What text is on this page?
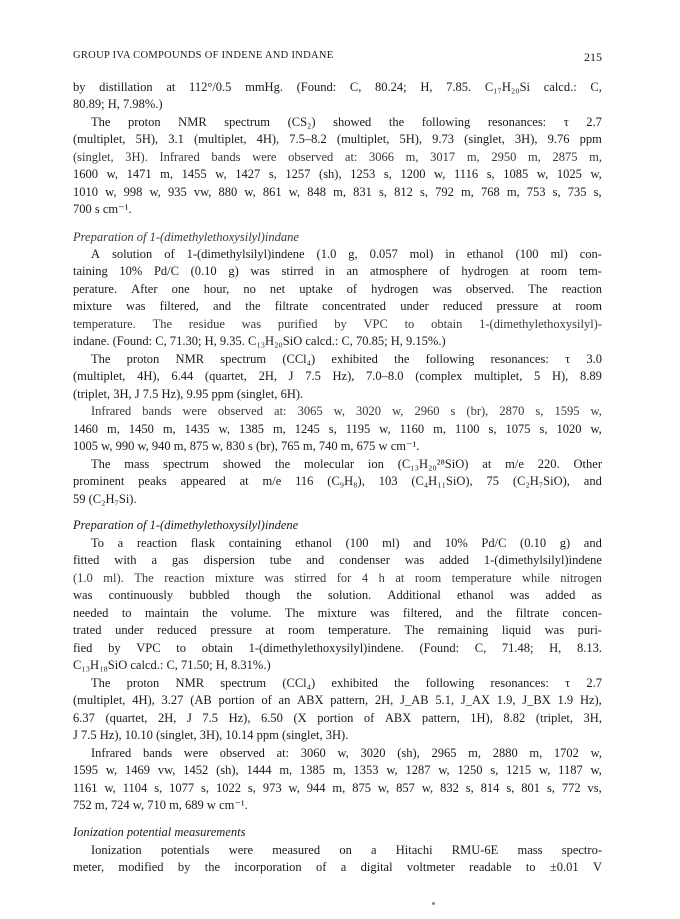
GROUP IVA COMPOUNDS OF INDENE AND INDANE	215
by distillation at 112°/0.5 mmHg. (Found: C, 80.24; H, 7.85. C₁₇H₂₀Si calcd.: C,
80.89; H, 7.98%.)
The proton NMR spectrum (CS₂) showed the following resonances: τ 2.7
(multiplet, 5H), 3.1 (multiplet, 4H), 7.5–8.2 (multiplet, 5H), 9.73 (singlet, 3H), 9.76 ppm
(singlet, 3H). Infrared bands were observed at: 3066 m, 3017 m, 2950 m, 2875 m,
1600 w, 1471 m, 1455 w, 1427 s, 1257 (sh), 1253 s, 1200 w, 1116 s, 1085 w, 1025 w,
1010 w, 998 w, 935 vw, 880 w, 861 w, 848 m, 831 s, 812 s, 792 m, 768 m, 753 s, 735 s,
700 s cm⁻¹.
Preparation of 1-(dimethylethoxysilyl)indane
A solution of 1-(dimethylsilyl)indene (1.0 g, 0.057 mol) in ethanol (100 ml) con-
taining 10% Pd/C (0.10 g) was stirred in an atmosphere of hydrogen at room tem-
perature. After one hour, no net uptake of hydrogen was observed. The reaction
mixture was filtered, and the filtrate concentrated under reduced pressure at room
temperature. The residue was purified by VPC to obtain 1-(dimethylethoxysilyl)-
indane. (Found: C, 71.30; H, 9.35. C₁₃H₂₀SiO calcd.: C, 70.85; H, 9.15%.)
The proton NMR spectrum (CCl₄) exhibited the following resonances: τ 3.0
(multiplet, 4H), 6.44 (quartet, 2H, J 7.5 Hz), 7.0–8.0 (complex multiplet, 5 H), 8.89
(triplet, 3H, J 7.5 Hz), 9.95 ppm (singlet, 6H).
Infrared bands were observed at: 3065 w, 3020 w, 2960 s (br), 2870 s, 1595 w,
1460 m, 1450 m, 1435 w, 1385 m, 1245 s, 1195 w, 1160 m, 1100 s, 1075 s, 1020 w,
1005 w, 990 w, 940 m, 875 w, 830 s (br), 765 m, 740 m, 675 w cm⁻¹.
The mass spectrum showed the molecular ion (C₁₃H₂₀²⁸SiO) at m/e 220. Other
prominent peaks appeared at m/e 116 (C₉H₈), 103 (C₄H₁₁SiO), 75 (C₂H₇SiO), and
59 (C₂H₇Si).
Preparation of 1-(dimethylethoxysilyl)indene
To a reaction flask containing ethanol (100 ml) and 10% Pd/C (0.10 g) and
fitted with a gas dispersion tube and condenser was added 1-(dimethylsilyl)indene
(1.0 ml). The reaction mixture was stirred for 4 h at room temperature while nitrogen
was continuously bubbled though the solution. Additional ethanol was added as
needed to maintain the volume. The mixture was filtered, and the filtrate concen-
trated under reduced pressure at room temperature. The remaining liquid was puri-
fied by VPC to obtain 1-(dimethylethoxysilyl)indene. (Found: C, 71.48; H, 8.13.
C₁₃H₁₈SiO calcd.: C, 71.50; H, 8.31%.)
The proton NMR spectrum (CCl₄) exhibited the following resonances: τ 2.7
(multiplet, 4H), 3.27 (AB portion of an ABX pattern, 2H, J_AB 5.1, J_AX 1.9, J_BX 1.9 Hz),
6.37 (quartet, 2H, J 7.5 Hz), 6.50 (X portion of ABX pattern, 1H), 8.82 (triplet, 3H,
J 7.5 Hz), 10.10 (singlet, 3H), 10.14 ppm (singlet, 3H).
Infrared bands were observed at: 3060 w, 3020 (sh), 2965 m, 2880 m, 1702 w,
1595 w, 1469 vw, 1452 (sh), 1444 m, 1385 m, 1353 w, 1287 w, 1250 s, 1215 w, 1187 w,
1161 w, 1104 s, 1077 s, 1022 s, 973 w, 944 m, 875 w, 857 w, 832 s, 814 s, 801 s, 772 vs,
752 m, 724 w, 710 m, 689 w cm⁻¹.
Ionization potential measurements
Ionization potentials were measured on a Hitachi RMU-6E mass spectro-
meter, modified by the incorporation of a digital voltmeter readable to ±0.01 V
